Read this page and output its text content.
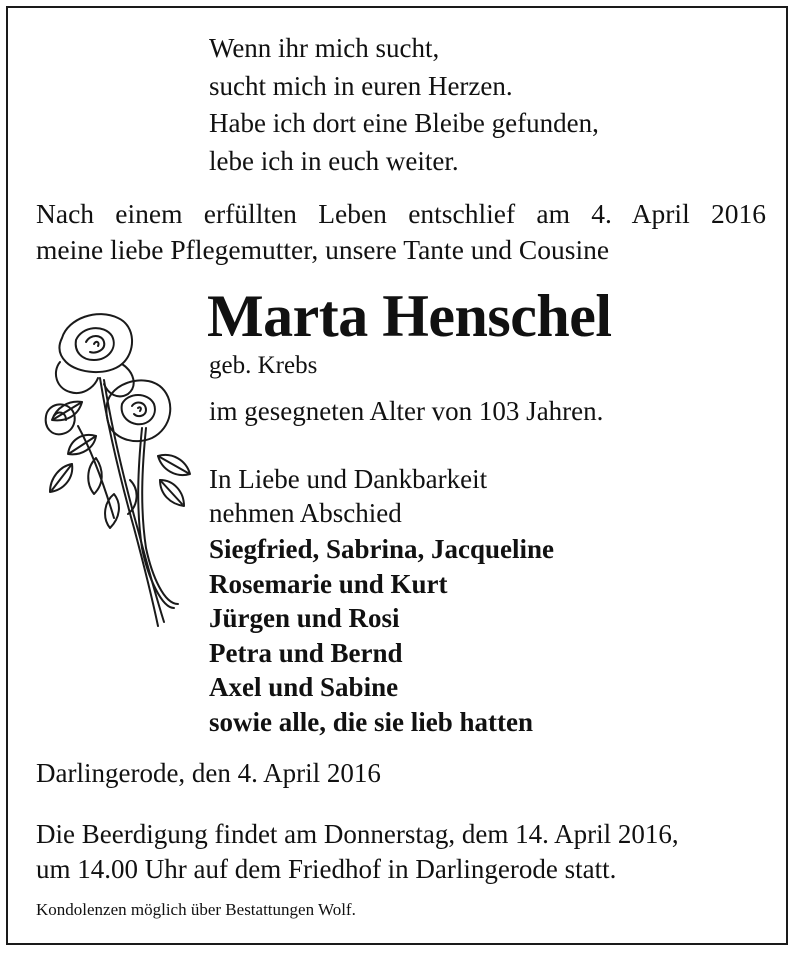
Wenn ihr mich sucht,
sucht mich in euren Herzen.
Habe ich dort eine Bleibe gefunden,
lebe ich in euch weiter.
Nach einem erfüllten Leben entschlief am 4. April 2016
meine liebe Pflegemutter, unsere Tante und Cousine
Marta Henschel
geb. Krebs
im gesegneten Alter von 103 Jahren.
In Liebe und Dankbarkeit
nehmen Abschied
Siegfried, Sabrina, Jacqueline
Rosemarie und Kurt
Jürgen und Rosi
Petra und Bernd
Axel und Sabine
sowie alle, die sie lieb hatten
Darlingerode, den 4. April 2016
Die Beerdigung findet am Donnerstag, dem 14. April 2016,
um 14.00 Uhr auf dem Friedhof in Darlingerode statt.
Kondolenzen möglich über Bestattungen Wolf.
